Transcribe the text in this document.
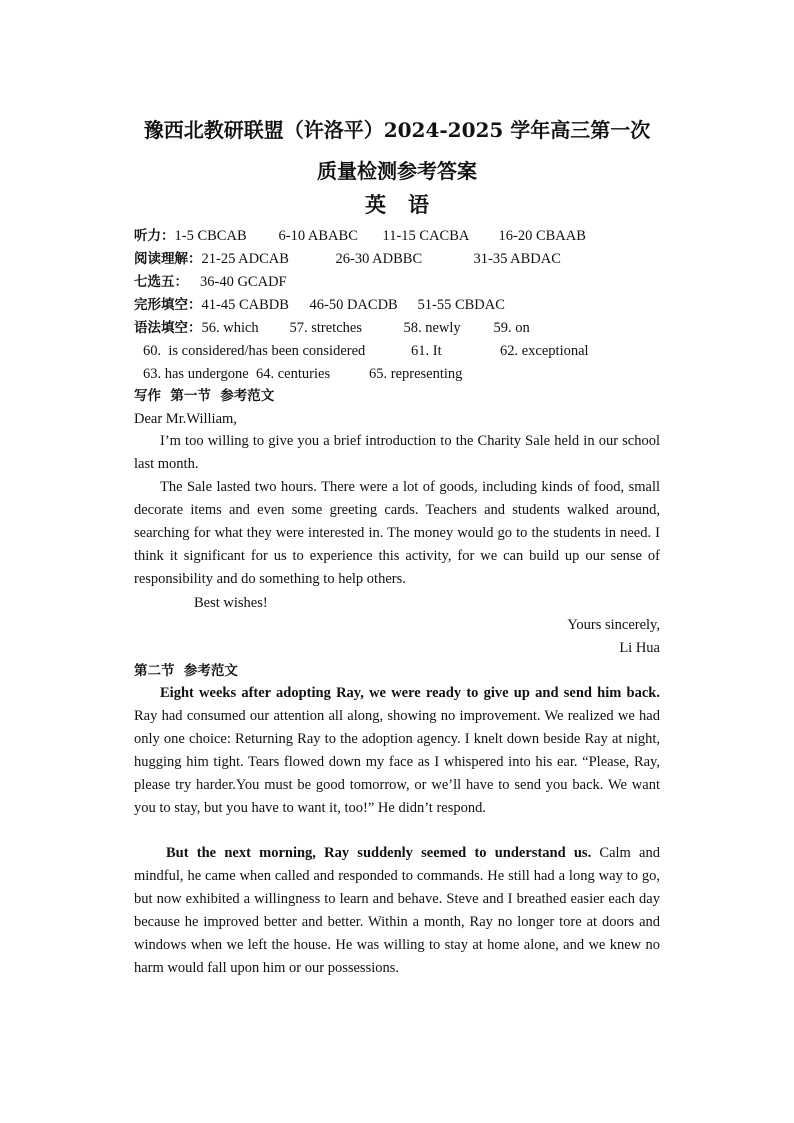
豫西北教研联盟（许洛平）2024-2025 学年高三第一次
质量检测参考答案
英语
听力：1-5 CBCAB 6-10 ABABC 11-15 CACBA 16-20 CBAAB
阅读理解：21-25 ADCAB	26-30 ADBBC	31-35 ABDAC
七选五： 36-40 GCADF
完形填空：41-45 CABDB 46-50 DACDB 51-55 CBDAC
语法填空：56. which 57. stretches	58. newly 59. on
60.  is considered/has been considered	61. It	62. exceptional
63. has undergone 64. centuries	65. representing
写作  第一节  参考范文
Dear Mr.William,

I’m too willing to give you a brief introduction to the Charity Sale held in our school last month.

The Sale lasted two hours. There were a lot of goods, including kinds of food, small decorate items and even some greeting cards. Teachers and students walked around, searching for what they were interested in. The money would go to the students in need. I think it significant for us to experience this activity, for we can build up our sense of responsibility and do something to help others.

Best wishes!
Yours sincerely,
Li Hua
第二节  参考范文

Eight weeks after adopting Ray, we were ready to give up and send him back. Ray had consumed our attention all along, showing no improvement. We realized we had only one choice: Returning Ray to the adoption agency. I knelt down beside Ray at night, hugging him tight. Tears flowed down my face as I whispered into his ear. “Please, Ray, please try harder.You must be good tomorrow, or we’ll have to send you back. We want you to stay, but you have to want it, too!” He didn’t respond.

But the next morning, Ray suddenly seemed to understand us. Calm and mindful, he came when called and responded to commands. He still had a long way to go, but now exhibited a willingness to learn and behave. Steve and I breathed easier each day because he improved better and better. Within a month, Ray no longer tore at doors and windows when we left the house. He was willing to stay at home alone, and we knew no harm would fall upon him or our possessions.
